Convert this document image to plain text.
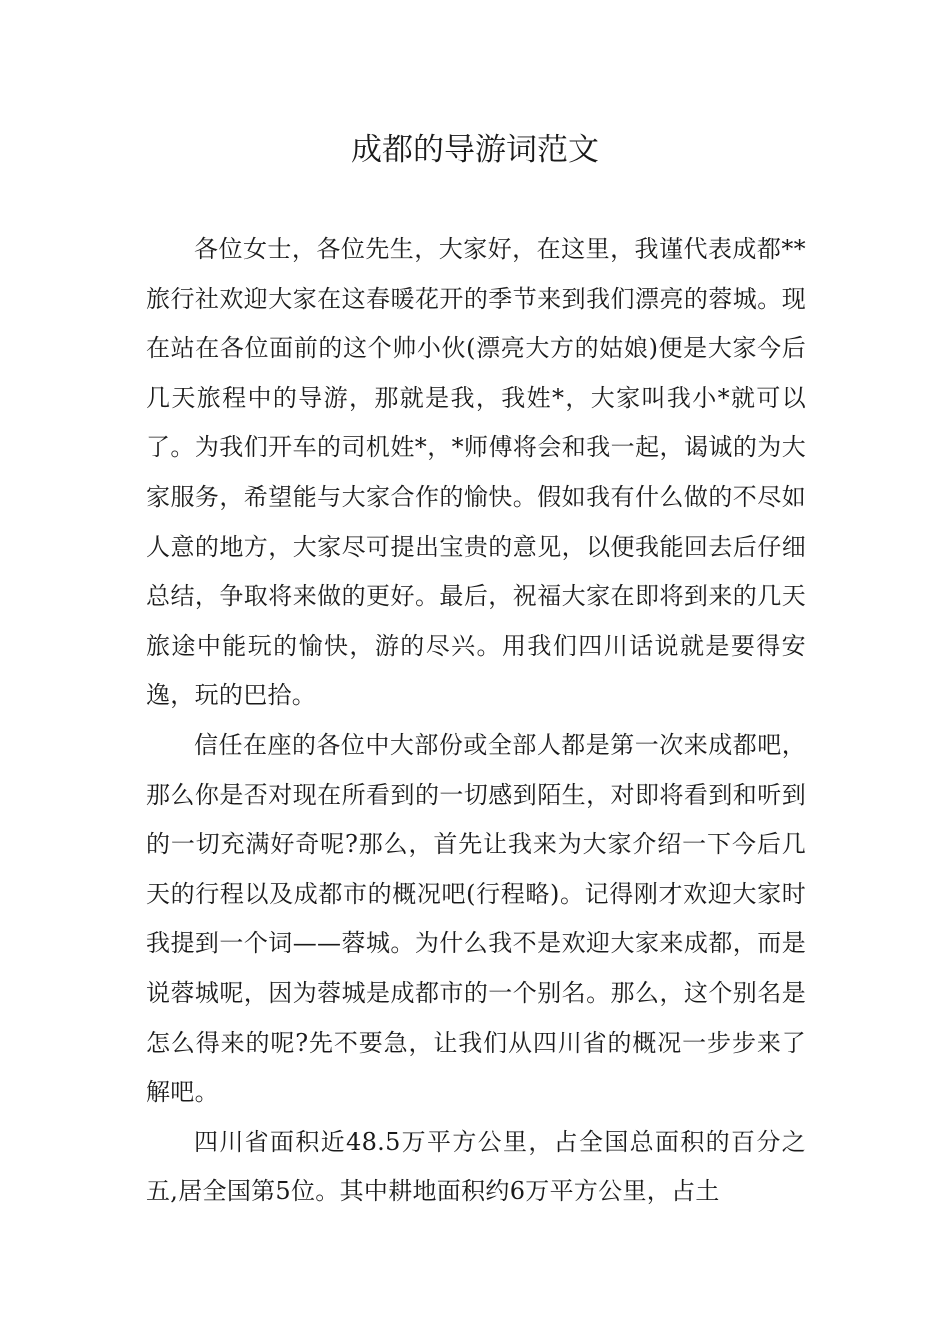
成都的导游词范文

各位女士，各位先生，大家好，在这里，我谨代表成都**旅行社欢迎大家在这春暖花开的季节来到我们漂亮的蓉城。现在站在各位面前的这个帅小伙(漂亮大方的姑娘)便是大家今后几天旅程中的导游，那就是我，我姓*，大家叫我小*就可以了。为我们开车的司机姓*，*师傅将会和我一起，谒诚的为大家服务，希望能与大家合作的愉快。假如我有什么做的不尽如人意的地方，大家尽可提出宝贵的意见，以便我能回去后仔细总结，争取将来做的更好。最后，祝福大家在即将到来的几天旅途中能玩的愉快，游的尽兴。用我们四川话说就是要得安逸，玩的巴拾。

信任在座的各位中大部份或全部人都是第一次来成都吧，那么你是否对现在所看到的一切感到陌生，对即将看到和听到的一切充满好奇呢?那么，首先让我来为大家介绍一下今后几天的行程以及成都市的概况吧(行程略)。记得刚才欢迎大家时我提到一个词——蓉城。为什么我不是欢迎大家来成都，而是说蓉城呢，因为蓉城是成都市的一个别名。那么，这个别名是怎么得来的呢?先不要急，让我们从四川省的概况一步步来了解吧。

四川省面积近48.5万平方公里，占全国总面积的百分之五,居全国第5位。其中耕地面积约6万平方公里，占土
